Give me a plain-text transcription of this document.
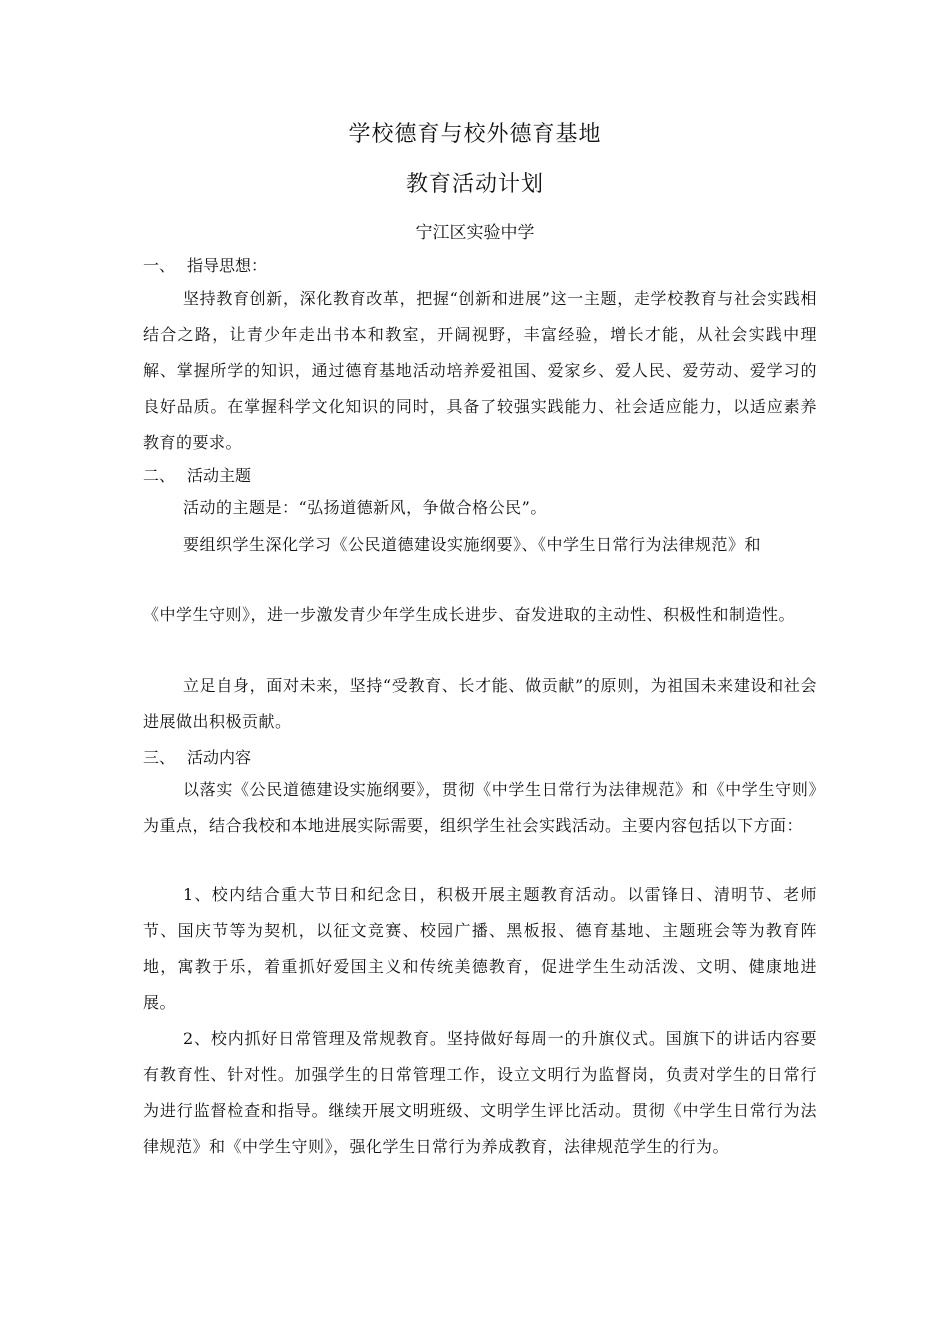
学校德育与校外德育基地
教育活动计划
宁江区实验中学
一、 指导思想：
坚持教育创新，深化教育改革，把握“创新和进展”这一主题，走学校教育与社会实践相结合之路，让青少年走出书本和教室，开阔视野，丰富经验，增长才能，从社会实践中理解、掌握所学的知识，通过德育基地活动培养爱祖国、爱家乡、爱人民、爱劳动、爱学习的良好品质。在掌握科学文化知识的同时，具备了较强实践能力、社会适应能力，以适应素养教育的要求。
二、 活动主题
活动的主题是：“弘扬道德新风，争做合格公民”。
要组织学生深化学习《公民道德建设实施纲要》、《中学生日常行为法律规范》和
《中学生守则》，进一步激发青少年学生成长进步、奋发进取的主动性、积极性和制造性。
立足自身，面对未来，坚持“受教育、长才能、做贡献”的原则，为祖国未来建设和社会进展做出积极贡献。
三、 活动内容
以落实《公民道德建设实施纲要》，贯彻《中学生日常行为法律规范》和《中学生守则》为重点，结合我校和本地进展实际需要，组织学生社会实践活动。主要内容包括以下方面：
1、校内结合重大节日和纪念日，积极开展主题教育活动。以雷锋日、清明节、老师节、国庆节等为契机，以征文竞赛、校园广播、黑板报、德育基地、主题班会等为教育阵地，寓教于乐，着重抓好爱国主义和传统美德教育，促进学生生动活泼、文明、健康地进展。
2、校内抓好日常管理及常规教育。坚持做好每周一的升旗仪式。国旗下的讲话内容要有教育性、针对性。加强学生的日常管理工作，设立文明行为监督岗，负责对学生的日常行为进行监督检查和指导。继续开展文明班级、文明学生评比活动。贯彻《中学生日常行为法律规范》和《中学生守则》，强化学生日常行为养成教育，法律规范学生的行为。
